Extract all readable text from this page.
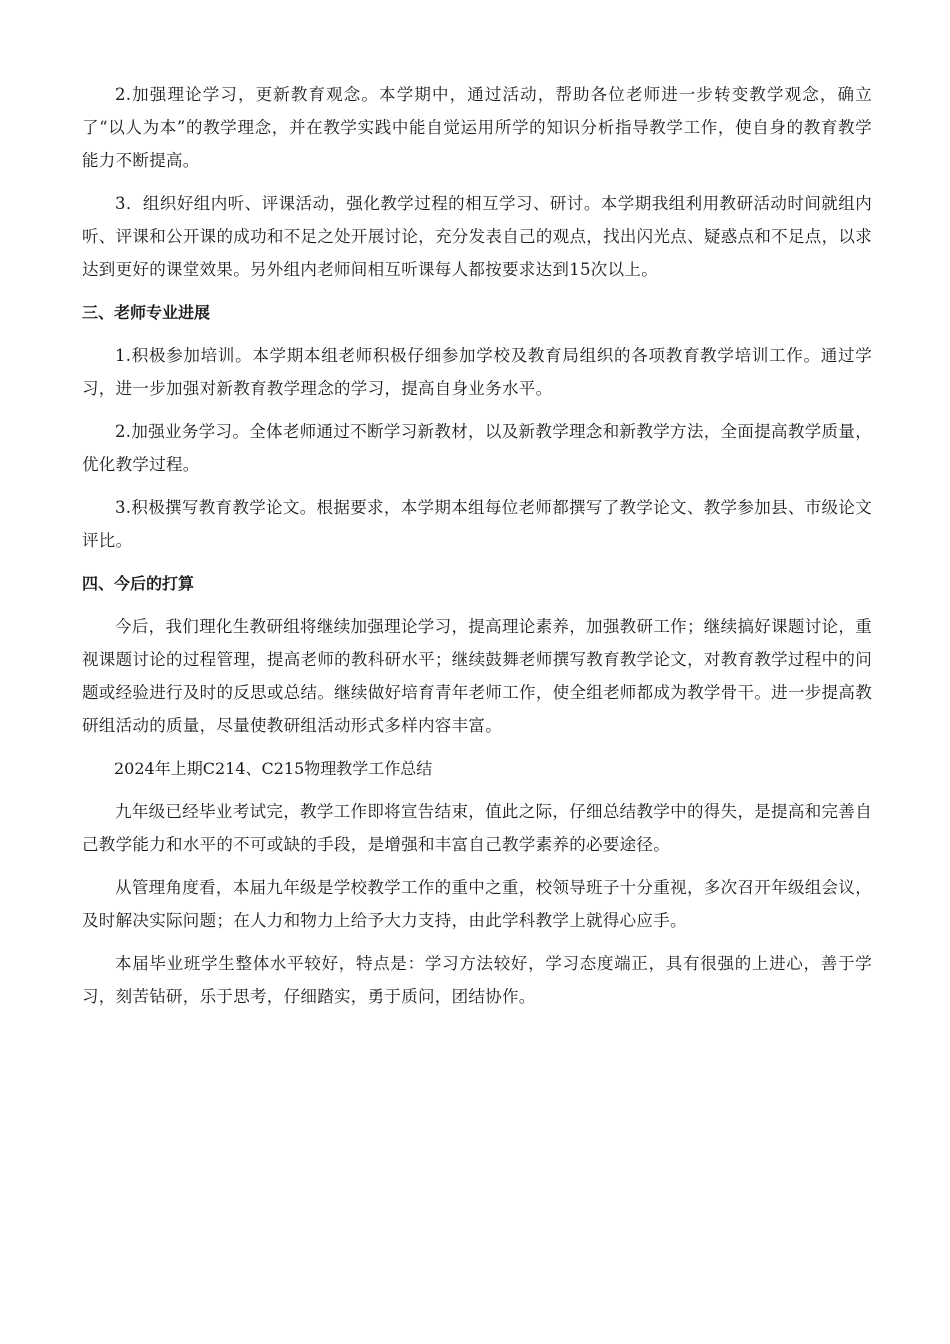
2.加强理论学习，更新教育观念。本学期中，通过活动，帮助各位老师进一步转变教学观念，确立了“以人为本”的教学理念，并在教学实践中能自觉运用所学的知识分析指导教学工作，使自身的教育教学能力不断提高。

3．组织好组内听、评课活动，强化教学过程的相互学习、研讨。本学期我组利用教研活动时间就组内听、评课和公开课的成功和不足之处开展讨论，充分发表自己的观点，找出闪光点、疑惑点和不足点，以求达到更好的课堂效果。另外组内老师间相互听课每人都按要求达到15次以上。

三、老师专业进展

1.积极参加培训。本学期本组老师积极仔细参加学校及教育局组织的各项教育教学培训工作。通过学习，进一步加强对新教育教学理念的学习，提高自身业务水平。

2.加强业务学习。全体老师通过不断学习新教材，以及新教学理念和新教学方法，全面提高教学质量，优化教学过程。

3.积极撰写教育教学论文。根据要求，本学期本组每位老师都撰写了教学论文、教学参加县、市级论文评比。

四、今后的打算

今后，我们理化生教研组将继续加强理论学习，提高理论素养，加强教研工作；继续搞好课题讨论，重视课题讨论的过程管理，提高老师的教科研水平；继续鼓舞老师撰写教育教学论文，对教育教学过程中的问题或经验进行及时的反思或总结。继续做好培育青年老师工作，使全组老师都成为教学骨干。进一步提高教研组活动的质量，尽量使教研组活动形式多样内容丰富。

2024年上期C214、C215物理教学工作总结

九年级已经毕业考试完，教学工作即将宣告结束，值此之际，仔细总结教学中的得失，是提高和完善自己教学能力和水平的不可或缺的手段，是增强和丰富自己教学素养的必要途径。

从管理角度看，本届九年级是学校教学工作的重中之重，校领导班子十分重视，多次召开年级组会议，及时解决实际问题；在人力和物力上给予大力支持，由此学科教学上就得心应手。

本届毕业班学生整体水平较好，特点是：学习方法较好，学习态度端正，具有很强的上进心，善于学习，刻苦钻研，乐于思考，仔细踏实，勇于质问，团结协作。
